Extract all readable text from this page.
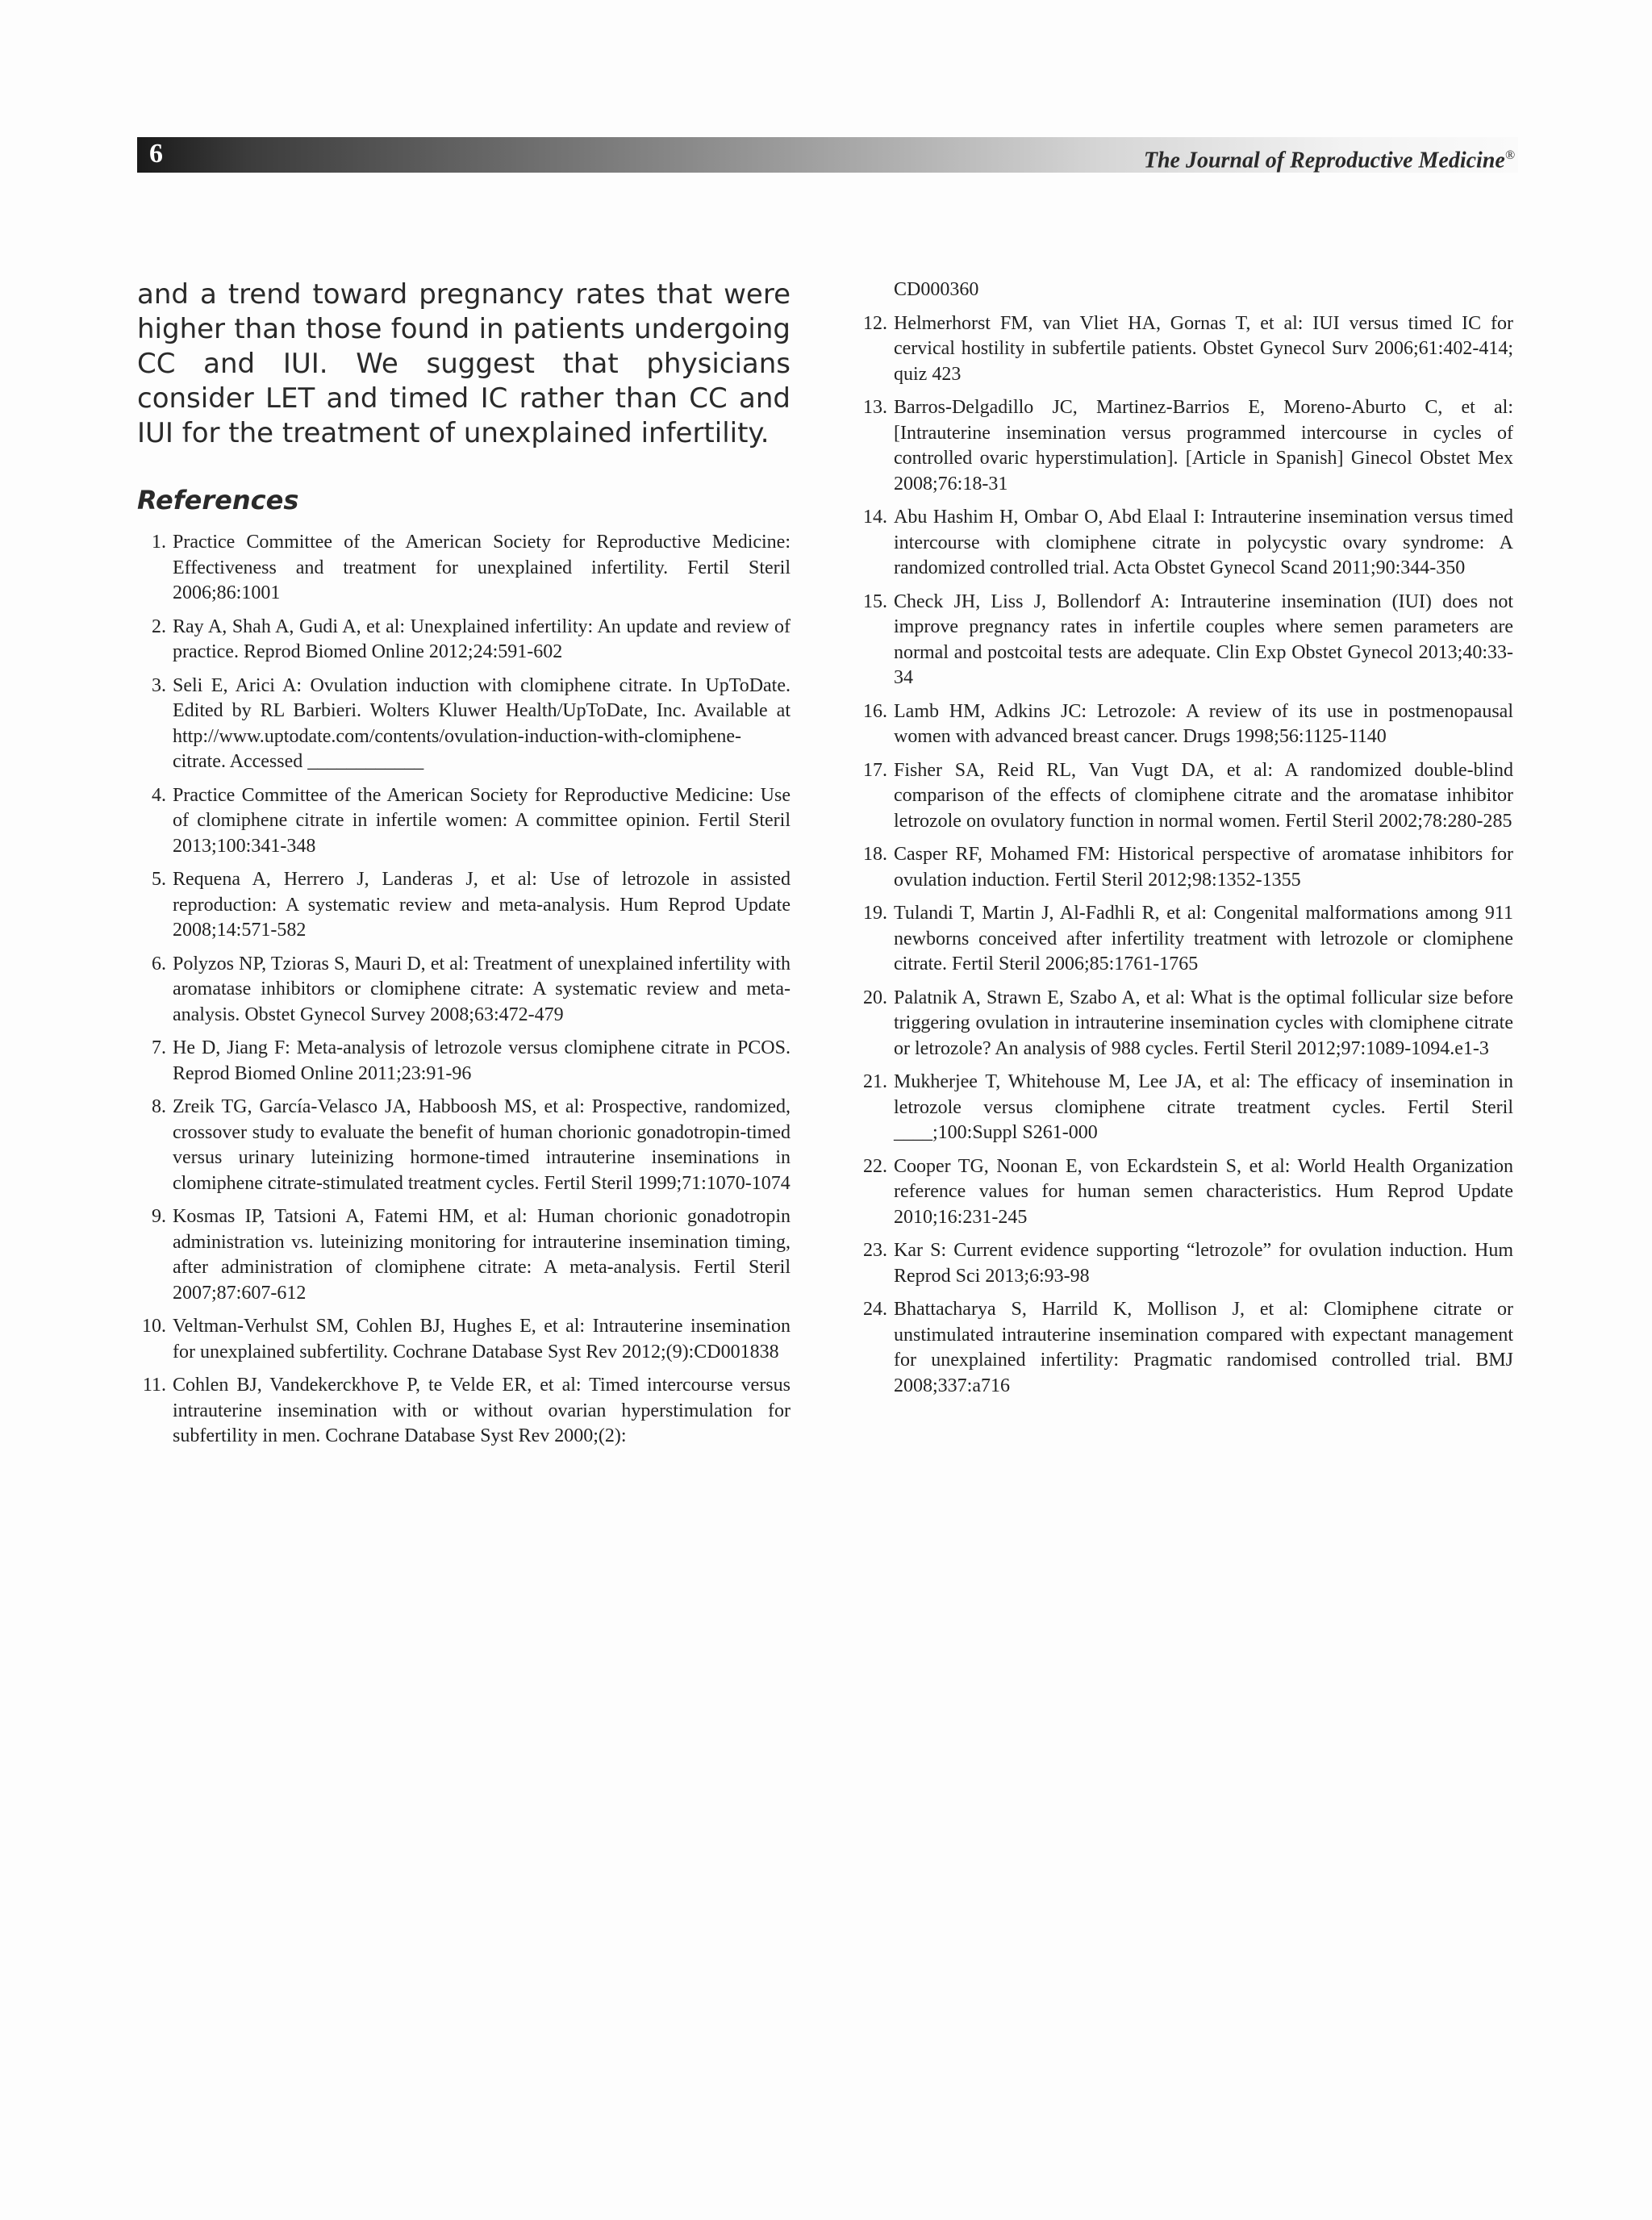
6	The Journal of Reproductive Medicine®

and a trend toward pregnancy rates that were higher than those found in patients undergoing CC and IUI. We suggest that physicians consider LET and timed IC rather than CC and IUI for the treatment of unexplained infertility.

References
1. Practice Committee of the American Society for Reproductive Medicine: Effectiveness and treatment for unexplained infertility. Fertil Steril 2006;86:1001
2. Ray A, Shah A, Gudi A, et al: Unexplained infertility: An update and review of practice. Reprod Biomed Online 2012;24:591-602
3. Seli E, Arici A: Ovulation induction with clomiphene citrate. In UpToDate. Edited by RL Barbieri. Wolters Kluwer Health/UpToDate, Inc. Available at http://www.uptodate.com/contents/ovulation-induction-with-clomiphene-citrate. Accessed ____________
4. Practice Committee of the American Society for Reproductive Medicine: Use of clomiphene citrate in infertile women: A committee opinion. Fertil Steril 2013;100:341-348
5. Requena A, Herrero J, Landeras J, et al: Use of letrozole in assisted reproduction: A systematic review and meta-analysis. Hum Reprod Update 2008;14:571-582
6. Polyzos NP, Tzioras S, Mauri D, et al: Treatment of unexplained infertility with aromatase inhibitors or clomiphene citrate: A systematic review and meta-analysis. Obstet Gynecol Survey 2008;63:472-479
7. He D, Jiang F: Meta-analysis of letrozole versus clomiphene citrate in PCOS. Reprod Biomed Online 2011;23:91-96
8. Zreik TG, García-Velasco JA, Habboosh MS, et al: Prospective, randomized, crossover study to evaluate the benefit of human chorionic gonadotropin-timed versus urinary luteinizing hormone-timed intrauterine inseminations in clomiphene citrate-stimulated treatment cycles. Fertil Steril 1999;71:1070-1074
9. Kosmas IP, Tatsioni A, Fatemi HM, et al: Human chorionic gonadotropin administration vs. luteinizing monitoring for intrauterine insemination timing, after administration of clomiphene citrate: A meta-analysis. Fertil Steril 2007;87:607-612
10. Veltman-Verhulst SM, Cohlen BJ, Hughes E, et al: Intrauterine insemination for unexplained subfertility. Cochrane Database Syst Rev 2012;(9):CD001838
11. Cohlen BJ, Vandekerckhove P, te Velde ER, et al: Timed intercourse versus intrauterine insemination with or without ovarian hyperstimulation for subfertility in men. Cochrane Database Syst Rev 2000;(2):
CD000360
12. Helmerhorst FM, van Vliet HA, Gornas T, et al: IUI versus timed IC for cervical hostility in subfertile patients. Obstet Gynecol Surv 2006;61:402-414; quiz 423
13. Barros-Delgadillo JC, Martinez-Barrios E, Moreno-Aburto C, et al: [Intrauterine insemination versus programmed intercourse in cycles of controlled ovaric hyperstimulation]. [Article in Spanish] Ginecol Obstet Mex 2008;76:18-31
14. Abu Hashim H, Ombar O, Abd Elaal I: Intrauterine insemination versus timed intercourse with clomiphene citrate in polycystic ovary syndrome: A randomized controlled trial. Acta Obstet Gynecol Scand 2011;90:344-350
15. Check JH, Liss J, Bollendorf A: Intrauterine insemination (IUI) does not improve pregnancy rates in infertile couples where semen parameters are normal and postcoital tests are adequate. Clin Exp Obstet Gynecol 2013;40:33-34
16. Lamb HM, Adkins JC: Letrozole: A review of its use in postmenopausal women with advanced breast cancer. Drugs 1998;56:1125-1140
17. Fisher SA, Reid RL, Van Vugt DA, et al: A randomized double-blind comparison of the effects of clomiphene citrate and the aromatase inhibitor letrozole on ovulatory function in normal women. Fertil Steril 2002;78:280-285
18. Casper RF, Mohamed FM: Historical perspective of aromatase inhibitors for ovulation induction. Fertil Steril 2012;98:1352-1355
19. Tulandi T, Martin J, Al-Fadhli R, et al: Congenital malformations among 911 newborns conceived after infertility treatment with letrozole or clomiphene citrate. Fertil Steril 2006;85:1761-1765
20. Palatnik A, Strawn E, Szabo A, et al: What is the optimal follicular size before triggering ovulation in intrauterine insemination cycles with clomiphene citrate or letrozole? An analysis of 988 cycles. Fertil Steril 2012;97:1089-1094.e1-3
21. Mukherjee T, Whitehouse M, Lee JA, et al: The efficacy of insemination in letrozole versus clomiphene citrate treatment cycles. Fertil Steril ____;100:Suppl S261-000
22. Cooper TG, Noonan E, von Eckardstein S, et al: World Health Organization reference values for human semen characteristics. Hum Reprod Update 2010;16:231-245
23. Kar S: Current evidence supporting “letrozole” for ovulation induction. Hum Reprod Sci 2013;6:93-98
24. Bhattacharya S, Harrild K, Mollison J, et al: Clomiphene citrate or unstimulated intrauterine insemination compared with expectant management for unexplained infertility: Pragmatic randomised controlled trial. BMJ 2008;337:a716
